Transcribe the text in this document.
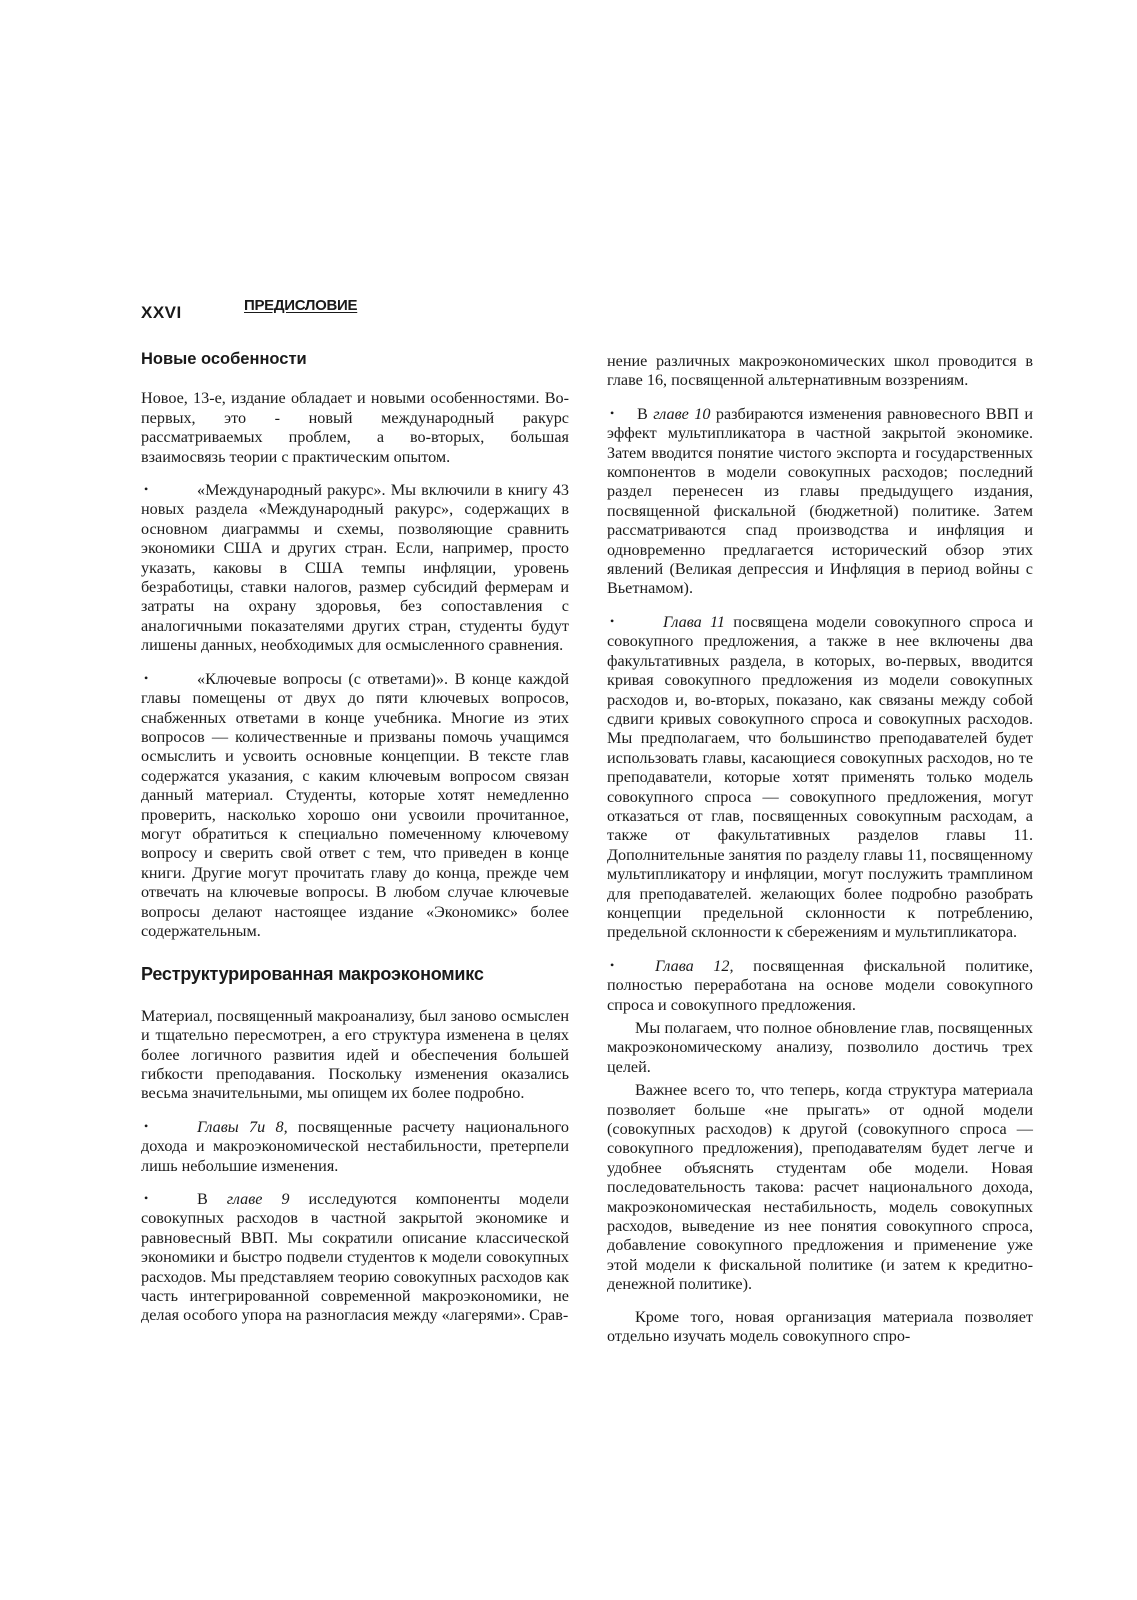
XXVI	ПРЕДИСЛОВИЕ
Новые особенности

Новое, 13-е, издание обладает и новыми особенностями. Во-первых, это - новый международный ракурс рассматриваемых проблем, а во-вторых, большая взаимосвязь теории с практическим опытом.

•«Международный ракурс». Мы включили в книгу 43 новых раздела «Международный ракурс», содержащих в основном диаграммы и схемы, позволяющие сравнить экономики США и других стран. Если, например, просто указать, каковы в США темпы инфляции, уровень безработицы, ставки налогов, размер субсидий фермерам и затраты на охрану здоровья, без сопоставления с аналогичными показателями других стран, студенты будут лишены данных, необходимых для осмысленного сравнения.

•«Ключевые вопросы (с ответами)». В конце каждой главы помещены от двух до пяти ключевых вопросов, снабженных ответами в конце учебника. Многие из этих вопросов — количественные и призваны помочь учащимся осмыслить и усвоить основные концепции. В тексте глав содержатся указания, с каким ключевым вопросом связан данный материал. Студенты, которые хотят немедленно проверить, насколько хорошо они усвоили прочитанное, могут обратиться к специально помеченному ключевому вопросу и сверить свой ответ с тем, что приведен в конце книги. Другие могут прочитать главу до конца, прежде чем отвечать на ключевые вопросы. В любом случае ключевые вопросы делают настоящее издание «Экономикс» более содержательным.

Реструктурированная макроэкономикс

Материал, посвященный макроанализу, был заново осмыслен и тщательно пересмотрен, а его структура изменена в целях более логичного развития идей и обеспечения большей гибкости преподавания. Поскольку изменения оказались весьма значительными, мы опищем их более подробно.

•Главы 7и 8, посвященные расчету национального дохода и макроэкономической нестабильности, претерпели лишь небольшие изменения.

•В главе 9 исследуются компоненты модели совокупных расходов в частной закрытой экономике и равновесный ВВП. Мы сократили описание классической экономики и быстро подвели студентов к модели совокупных расходов. Мы представляем теорию совокупных расходов как часть интегрированной современной макроэкономики, не делая особого упора на разногласия между «лагерями». Срав-

нение различных макроэкономических школ проводится в главе 16, посвященной альтернативным воззрениям.

•В главе 10 разбираются изменения равновесного ВВП и эффект мультипликатора в частной закрытой экономике. Затем вводится понятие чистого экспорта и государственных компонентов в модели совокупных расходов; последний раздел перенесен из главы предыдущего издания, посвященной фискальной (бюджетной) политике. Затем рассматриваются спад производства и инфляция и одновременно предлагается исторический обзор этих явлений (Великая депрессия и Инфляция в период войны с Вьетнамом).

•Глава 11 посвящена модели совокупного спроса и совокупного предложения, а также в нее включены два факультативных раздела, в которых, во-первых, вводится кривая совокупного предложения из модели совокупных расходов и, во-вторых, показано, как связаны между собой сдвиги кривых совокупного спроса и совокупных расходов. Мы предполагаем, что большинство преподавателей будет использовать главы, касающиеся совокупных расходов, но те преподаватели, которые хотят применять только модель совокупного спроса — совокупного предложения, могут отказаться от глав, посвященных совокупным расходам, а также от факультативных разделов главы 11. Дополнительные занятия по разделу главы 11, посвященному мультипликатору и инфляции, могут послужить трамплином для преподавателей. желающих более подробно разобрать концепции предельной склонности к потреблению, предельной склонности к сбережениям и мультипликатора.

•Глава 12, посвященная фискальной политике, полностью переработана на основе модели совокупного спроса и совокупного предложения.

Мы полагаем, что полное обновление глав, посвященных макроэкономическому анализу, позволило достичь трех целей.

Важнее всего то, что теперь, когда структура материала позволяет больше «не прыгать» от одной модели (совокупных расходов) к другой (совокупного спроса — совокупного предложения), преподавателям будет легче и удобнее объяснять студентам обе модели. Новая последовательность такова: расчет национального дохода, макроэкономическая нестабильность, модель совокупных расходов, выведение из нее понятия совокупного спроса, добавление совокупного предложения и применение уже этой модели к фискальной политике (и затем к кредитно-денежной политике).

Кроме того, новая организация материала позволяет отдельно изучать модель совокупного спро-
